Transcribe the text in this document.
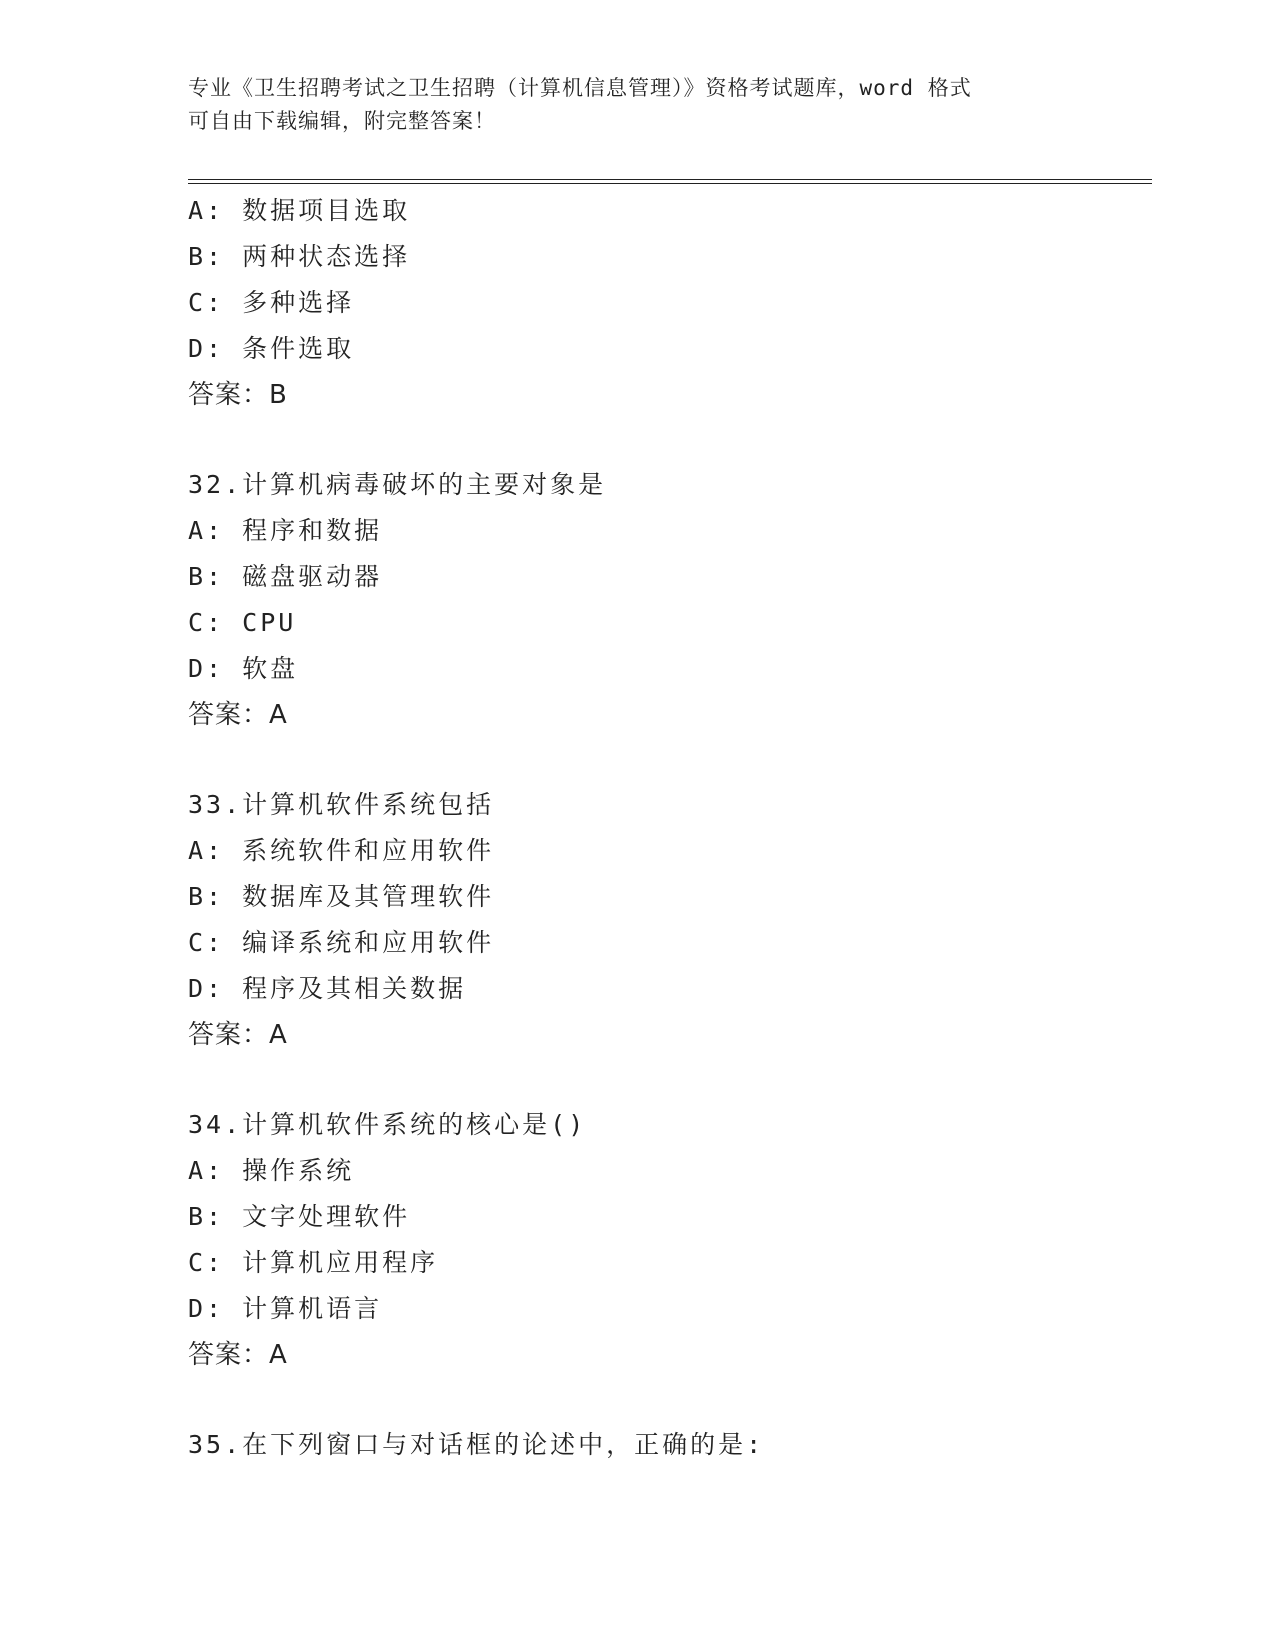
专业《卫生招聘考试之卫生招聘（计算机信息管理）》资格考试题库，word 格式
可自由下载编辑，附完整答案！
A: 数据项目选取
B: 两种状态选择
C: 多种选择
D: 条件选取
答案：B
32.计算机病毒破坏的主要对象是
A: 程序和数据
B: 磁盘驱动器
C: CPU
D: 软盘
答案：A
33.计算机软件系统包括
A: 系统软件和应用软件
B: 数据库及其管理软件
C: 编译系统和应用软件
D: 程序及其相关数据
答案：A
34.计算机软件系统的核心是()
A: 操作系统
B: 文字处理软件
C: 计算机应用程序
D: 计算机语言
答案：A
35.在下列窗口与对话框的论述中，正确的是:
